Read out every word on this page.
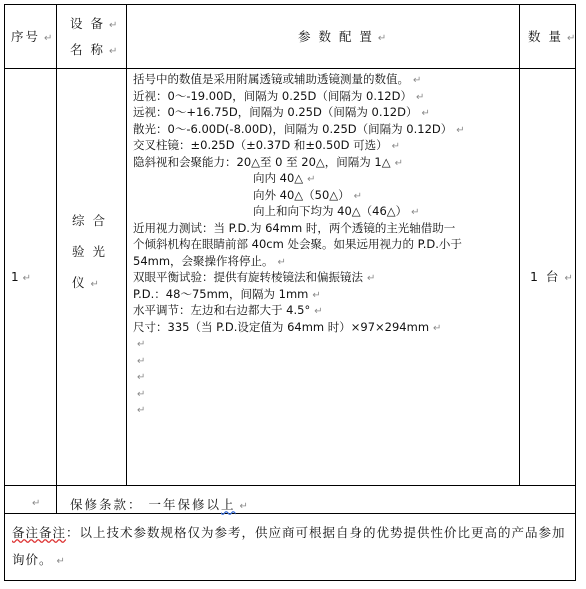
序号 ↵
设 备 ↵
名 称 ↵
参 数 配 置 ↵	数 量 ↵
1 ↵
综 合
验 光
仪 ↵
1 台 ↵
括号中的数值是采用附属透镜或辅助透镜测量的数值。 ↵
近视：0～-19.00D，间隔为 0.25D（间隔为 0.12D） ↵
远视：0～+16.75D，间隔为 0.25D（间隔为 0.12D） ↵
散光：0～-6.00D(-8.00D)，间隔为 0.25D（间隔为 0.12D） ↵
交叉柱镜：±0.25D（±0.37D 和±0.50D 可选） ↵
隐斜视和会聚能力：20△至 0 至 20△，间隔为 1△ ↵
向内 40△ ↵
向外 40△（50△） ↵
向上和向下均为 40△（46△） ↵
近用视力测试：当 P.D.为 64mm 时，两个透镜的主光轴借助一
个倾斜机构在眼睛前部 40cm 处会聚。如果远用视力的 P.D.小于
54mm，会聚操作将停止。 ↵
双眼平衡试验：提供有旋转棱镜法和偏振镜法 ↵
P.D.：48～75mm，间隔为 1mm ↵
水平调节：左边和右边都大于 4.5° ↵
尺寸：335（当 P.D.设定值为 64mm 时）×97×294mm ↵
↵
↵
↵
↵
↵
↵ 保修条款： 一年保修以上 ↵
备注备注：以上技术参数规格仅为参考，供应商可根据自身的优势提供性价比更高的产品参加询价。 ↵
